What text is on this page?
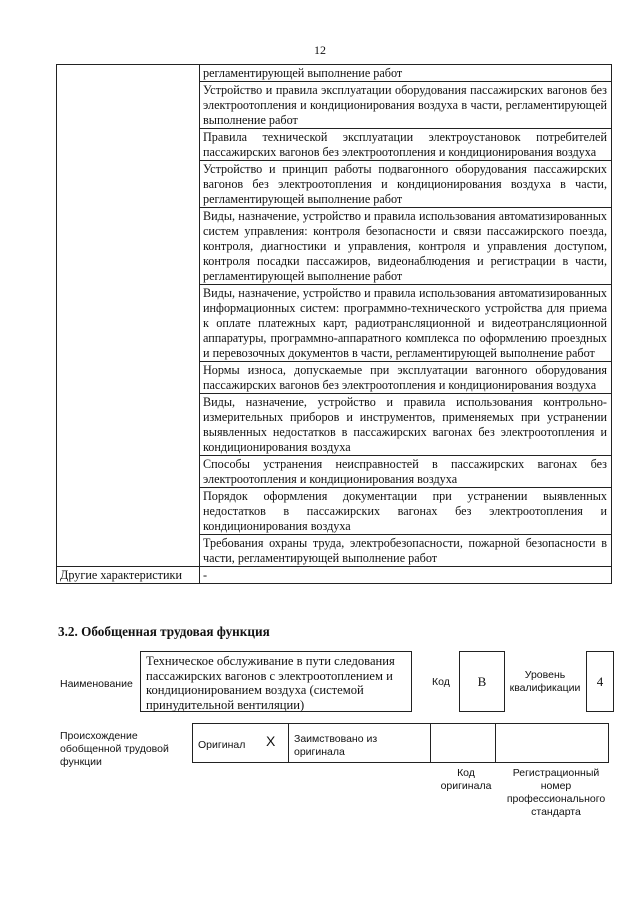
12
	регламентирующей выполнение работ
	Устройство и правила эксплуатации оборудования пассажирских вагонов без электроотопления и кондиционирования воздуха в части, регламентирующей выполнение работ
	Правила технической эксплуатации электроустановок потребителей пассажирских вагонов без электроотопления и кондиционирования воздуха
	Устройство и принцип работы подвагонного оборудования пассажирских вагонов без электроотопления и кондиционирования воздуха в части, регламентирующей выполнение работ
	Виды, назначение, устройство и правила использования автоматизированных систем управления: контроля безопасности и связи пассажирского поезда, контроля, диагностики и управления, контроля и управления доступом, контроля посадки пассажиров, видеонаблюдения и регистрации в части, регламентирующей выполнение работ
	Виды, назначение, устройство и правила использования автоматизированных информационных систем: программно-технического устройства для приема к оплате платежных карт, радиотрансляционной и видеотрансляционной аппаратуры, программно-аппаратного комплекса по оформлению проездных и перевозочных документов в части, регламентирующей выполнение работ
	Нормы износа, допускаемые при эксплуатации вагонного оборудования пассажирских вагонов без электроотопления и кондиционирования воздуха
	Виды, назначение, устройство и правила использования контрольно-измерительных приборов и инструментов, применяемых при устранении выявленных недостатков в пассажирских вагонах без электроотопления и кондиционирования воздуха
	Способы устранения неисправностей в пассажирских вагонах без электроотопления и кондиционирования воздуха
	Порядок оформления документации при устранении выявленных недостатков в пассажирских вагонах без электроотопления и кондиционирования воздуха
	Требования охраны труда, электробезопасности, пожарной безопасности в части, регламентирующей выполнение работ
Другие характеристики	-
3.2. Обобщенная трудовая функция
Наименование
Техническое обслуживание в пути следования пассажирских вагонов с электроотоплением и кондиционированием воздуха (системой принудительной вентиляции)
Код	B	Уровень квалификации	4
Происхождение обобщенной трудовой функции
Оригинал X	Заимствовано из оригинала
Код оригинала
Регистрационный номер профессионального стандарта
